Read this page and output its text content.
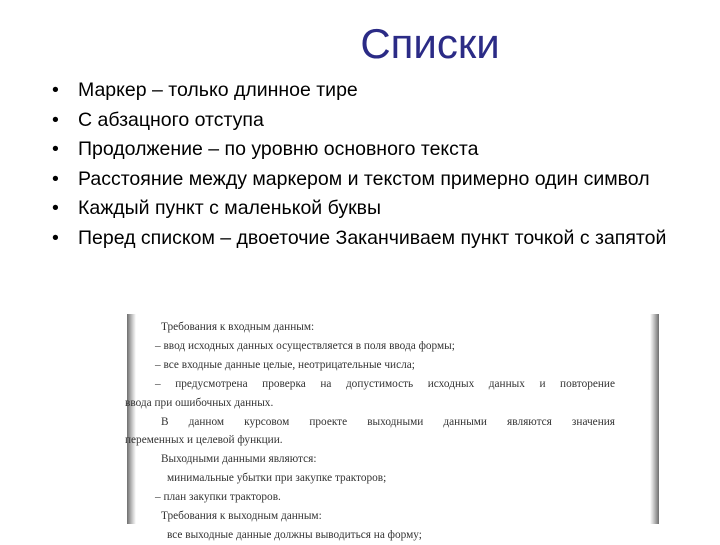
Списки
• Маркер – только длинное тире
• С абзацного отступа
• Продолжение – по уровню основного текста
• Расстояние между маркером и текстом примерно один символ
• Каждый пункт с маленькой буквы
• Перед списком – двоеточие Заканчиваем пункт точкой с запятой
Требования к входным данным:
– ввод исходных данных осуществляется в поля ввода формы;
– все входные данные целые, неотрицательные числа;
– предусмотрена проверка на допустимость исходных данных и повторение
ввода при ошибочных данных.
В данном курсовом проекте выходными данными являются значения
переменных и целевой функции.
Выходными данными являются:
минимальные убытки при закупке тракторов;
– план закупки тракторов.
Требования к выходным данным:
все выходные данные должны выводиться на форму;
